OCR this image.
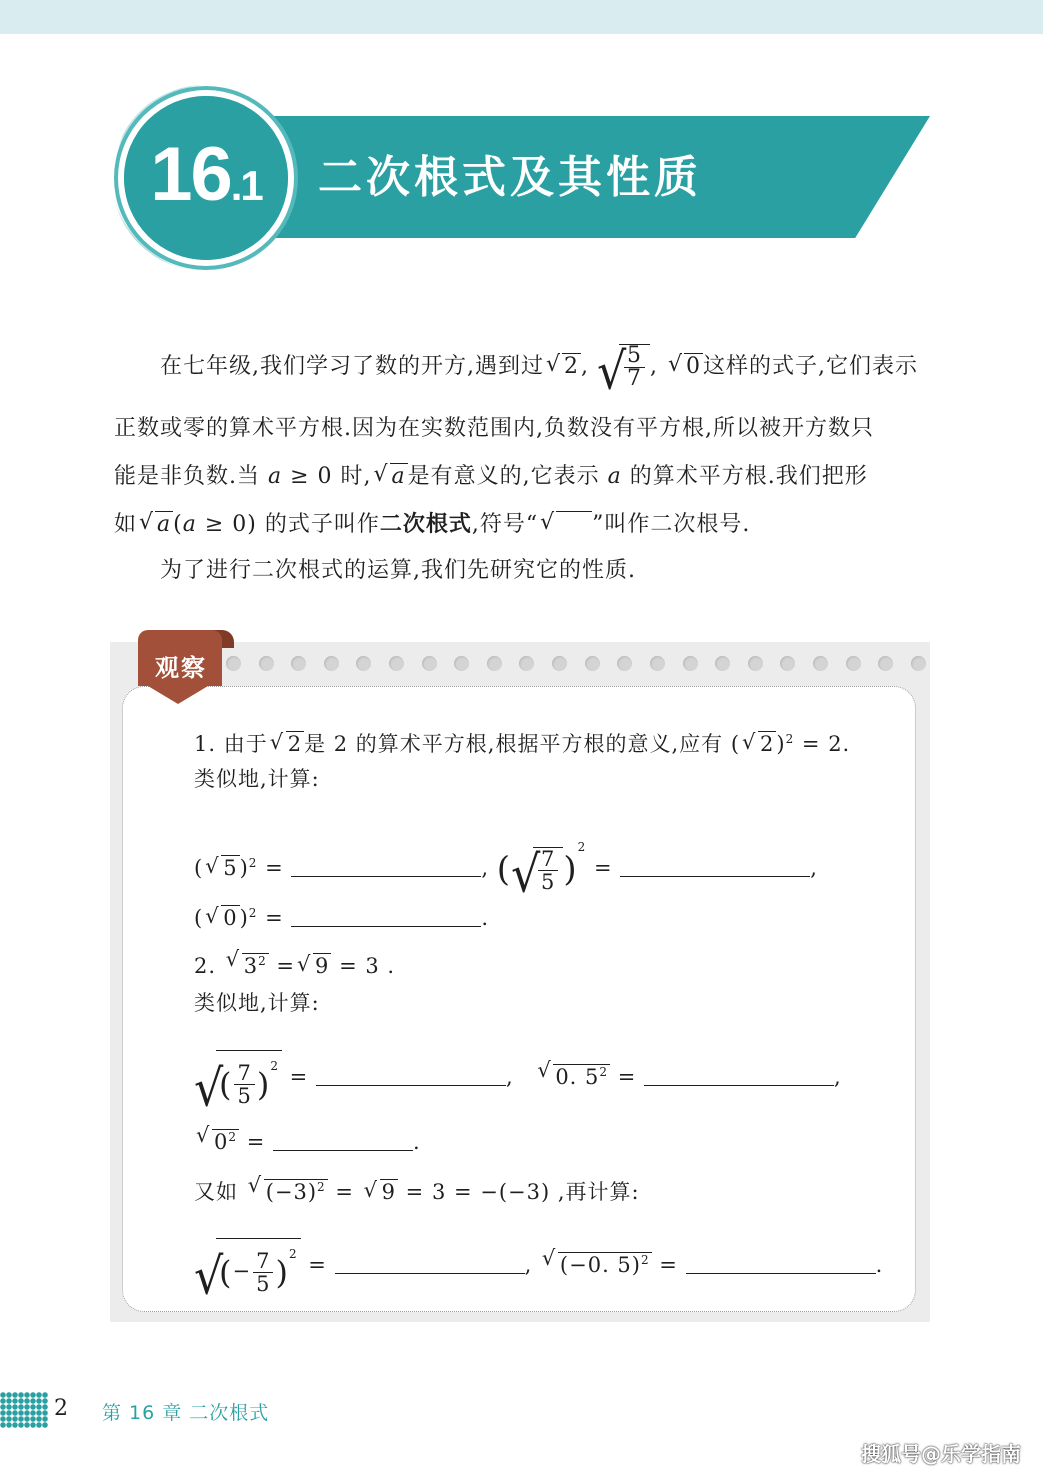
16.1	二次根式及其性质
在七年级,我们学习了数的开方,遇到过 √ 2, √ $\frac{5}{7}$ , √ 0这样的式子,它们表示
正数或零的算术平方根.因为在实数范围内,负数没有平方根,所以被开方数只
能是非负数.当 a ≥ 0 时, √ a是有意义的,它表示 a 的算术平方根.我们把形
如 √ a(a ≥ 0) 的式子叫作二次根式,符号“ √ ”叫作二次根号.
为了进行二次根式的运算,我们先研究它的性质.
观察
1. 由于 √ 2是 2 的算术平方根,根据平方根的意义,应有 ( √ 2)$^2$ = 2.
类似地,计算:
( √ 5)$^2$ =	, ( √ $\frac{7}{5} )^2$ =	,
( √ 0)$^2$ =	.
2. √ $3^2$ = √ 9 = 3 .
类似地,计算:
√ ( $\frac{7}{5} )^2$ =	, √ 0. $5^2$ =	,
√ $0^2$ =	.
又如 √ $(-3)^2$ = √ 9 = 3 = −(−3) ,再计算:
√ (− $\frac{7}{5} )^2$ =	, √ (−0. 5)$^2$ =	.
2 第 16 章 二次根式
搜狐号@乐学指南
